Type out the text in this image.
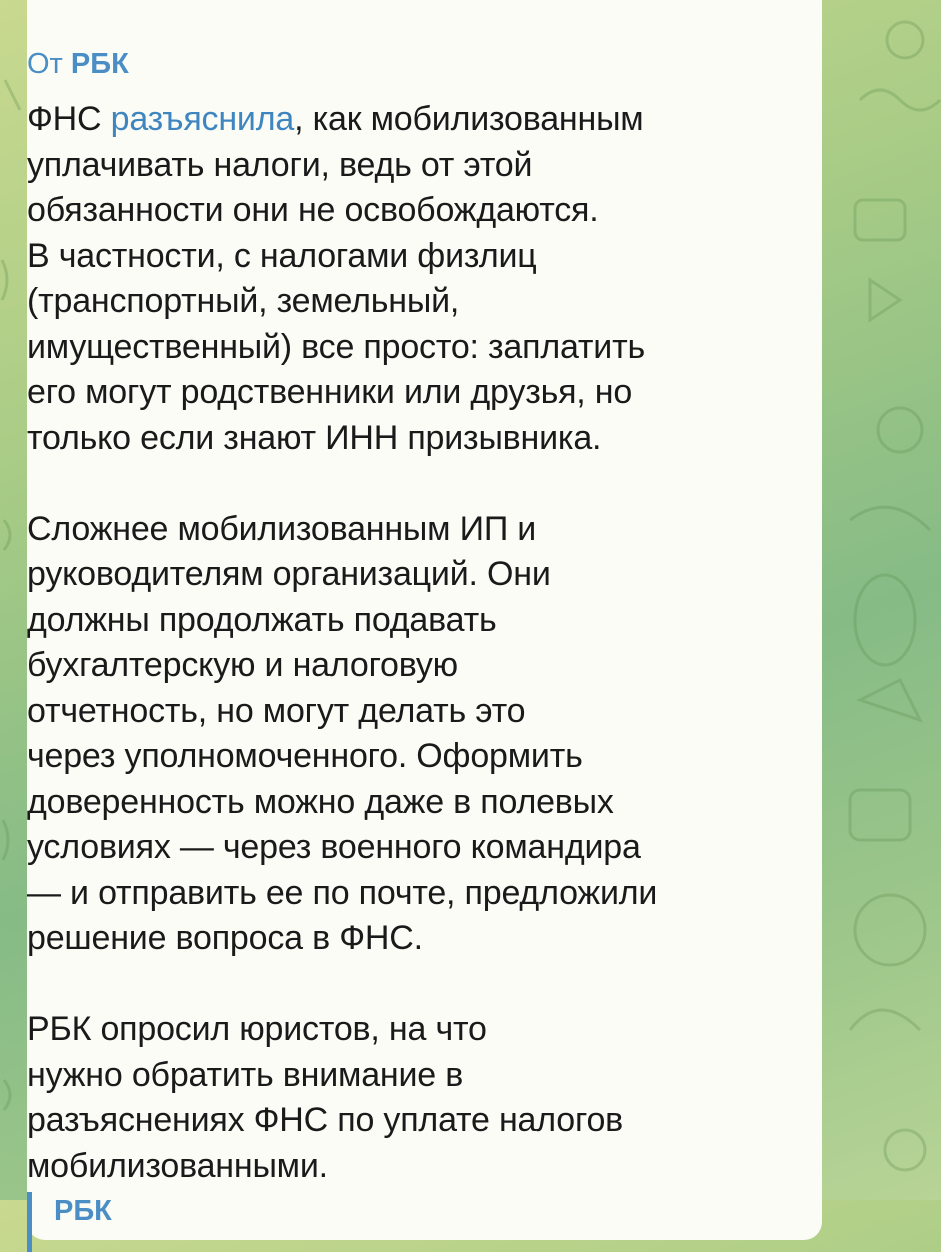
От РБК

ФНС разъяснила, как мобилизованным

уплачивать налоги, ведь от этой

обязанности они не освобождаются.

В частности, с налогами физлиц

(транспортный, земельный,

имущественный) все просто: заплатить

его могут родственники или друзья, но

только если знают ИНН призывника.

Сложнее мобилизованным ИП и

руководителям организаций. Они

должны продолжать подавать

бухгалтерскую и налоговую

отчетность, но могут делать это

через уполномоченного. Оформить

доверенность можно даже в полевых

условиях — через военного командира

— и отправить ее по почте, предложили

решение вопроса в ФНС.

РБК опросил юристов, на что

нужно обратить внимание в

разъяснениях ФНС по уплате налогов

мобилизованными.

РБК
